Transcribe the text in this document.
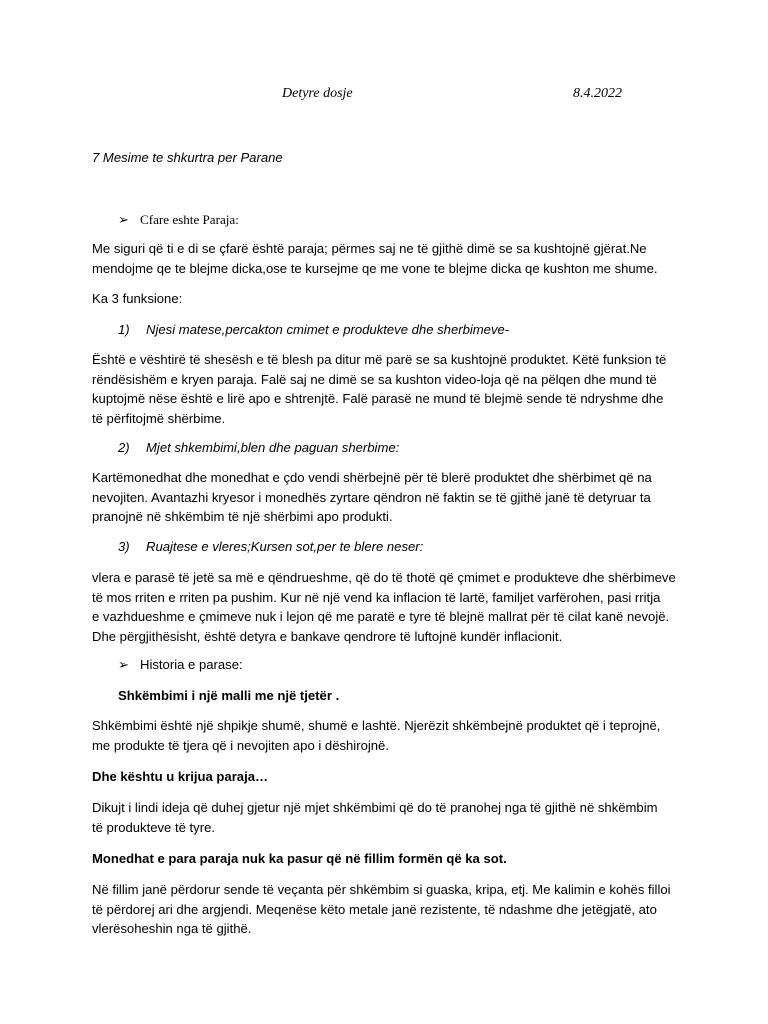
Detyre dosje	8.4.2022
7 Mesime te shkurtra per Parane
➢ Cfare eshte Paraja:
Me siguri që ti e di se çfarë është paraja; përmes saj ne të gjithë dimë se sa kushtojnë gjërat.Ne
mendojme qe te blejme dicka,ose te kursejme qe me vone te blejme dicka qe kushton me shume.
Ka 3 funksione:
1) Njesi matese,percakton cmimet e produkteve dhe sherbimeve-
Është e vështirë të shesësh e të blesh pa ditur më parë se sa kushtojnë produktet. Këtë funksion të
rëndësishëm e kryen paraja. Falë saj ne dimë se sa kushton video-loja që na pëlqen dhe mund të
kuptojmë nëse është e lirë apo e shtrenjtë. Falë parasë ne mund të blejmë sende të ndryshme dhe
të përfitojmë shërbime.
2) Mjet shkembimi,blen dhe paguan sherbime:
Kartëmonedhat dhe monedhat e çdo vendi shërbejnë për të blerë produktet dhe shërbimet që na
nevojiten. Avantazhi kryesor i monedhës zyrtare qëndron në faktin se të gjithë janë të detyruar ta
pranojnë në shkëmbim të një shërbimi apo produkti.
3) Ruajtese e vleres;Kursen sot,per te blere neser:
vlera e parasë të jetë sa më e qëndrueshme, që do të thotë që çmimet e produkteve dhe shërbimeve
të mos rriten e rriten pa pushim. Kur në një vend ka inflacion të lartë, familjet varfërohen, pasi rritja
e vazhdueshme e çmimeve nuk i lejon që me paratë e tyre të blejnë mallrat për të cilat kanë nevojë.
Dhe përgjithësisht, është detyra e bankave qendrore të luftojnë kundër inflacionit.
➢ Historia e parase:
Shkëmbimi i një malli me një tjetër .
Shkëmbimi është një shpikje shumë, shumë e lashtë. Njerëzit shkëmbejnë produktet që i teprojnë,
me produkte të tjera që i nevojiten apo i dëshirojnë.
Dhe kështu u krijua paraja…
Dikujt i lindi ideja që duhej gjetur një mjet shkëmbimi që do të pranohej nga të gjithë në shkëmbim
të produkteve të tyre.
Monedhat e para paraja nuk ka pasur që në fillim formën që ka sot.
Në fillim janë përdorur sende të veçanta për shkëmbim si guaska, kripa, etj. Me kalimin e kohës filloi
të përdorej ari dhe argjendi. Meqenëse këto metale janë rezistente, të ndashme dhe jetëgjatë, ato
vlerësoheshin nga të gjithë.
